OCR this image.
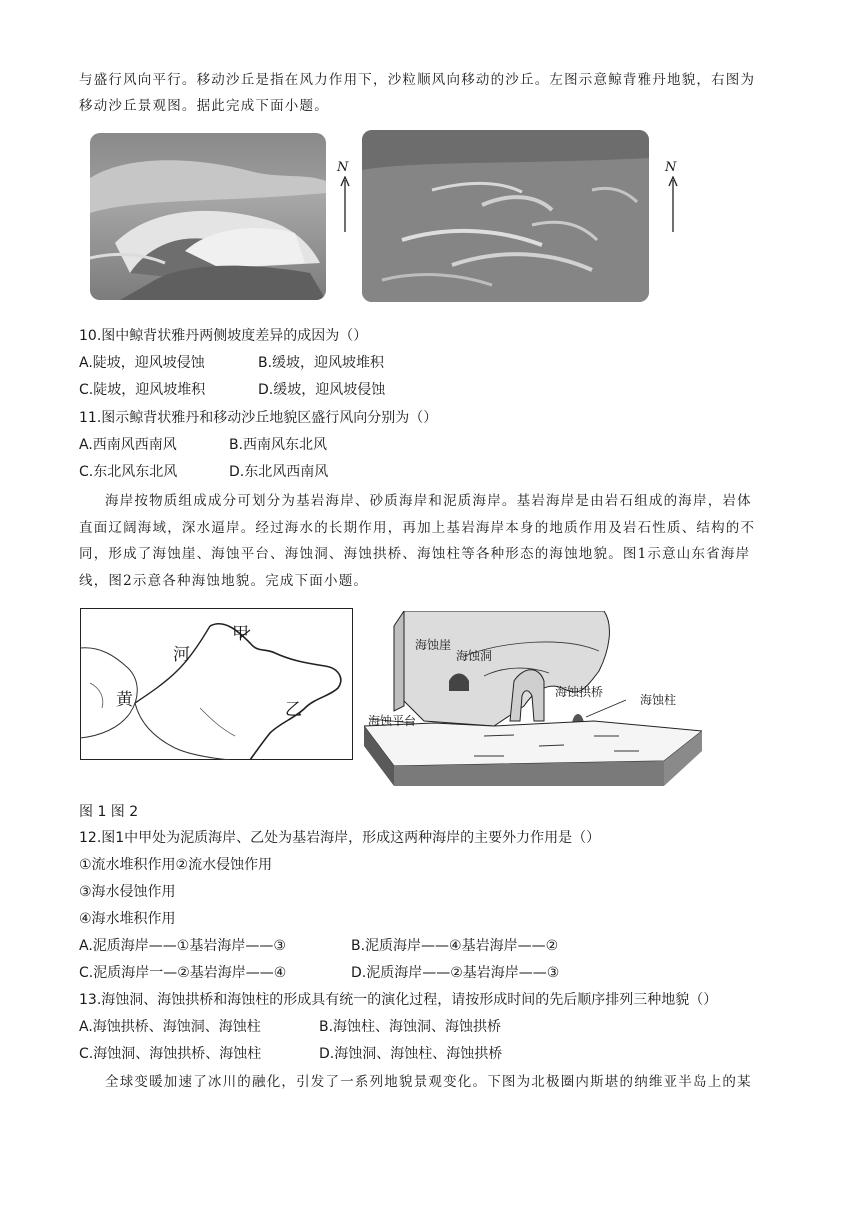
与盛行风向平行。移动沙丘是指在风力作用下，沙粒顺风向移动的沙丘。左图示意鲸背雅丹地貌，右图为
移动沙丘景观图。据此完成下面小题。
N	N
10.图中鲸背状雅丹两侧坡度差异的成因为（）
A.陡坡，迎风坡侵蚀	B.缓坡，迎风坡堆积
C.陡坡，迎风坡堆积	D.缓坡，迎风坡侵蚀
11.图示鲸背状雅丹和移动沙丘地貌区盛行风向分别为（）
A.西南风西南风	B.西南风东北风
C.东北风东北风	D.东北风西南风
海岸按物质组成成分可划分为基岩海岸、砂质海岸和泥质海岸。基岩海岸是由岩石组成的海岸，岩体
直面辽阔海域，深水逼岸。经过海水的长期作用，再加上基岩海岸本身的地质作用及岩石性质、结构的不
同，形成了海蚀崖、海蚀平台、海蚀洞、海蚀拱桥、海蚀柱等各种形态的海蚀地貌。图1示意山东省海岸
线，图2示意各种海蚀地貌。完成下面小题。
甲
河
黄	乙
海蚀崖
海蚀洞
海蚀拱桥
海蚀柱
海蚀平台
图 1 图 2
12.图1中甲处为泥质海岸、乙处为基岩海岸，形成这两种海岸的主要外力作用是（）
①流水堆积作用②流水侵蚀作用
③海水侵蚀作用
④海水堆积作用
A.泥质海岸——①基岩海岸——③	B.泥质海岸——④基岩海岸——②
C.泥质海岸一—②基岩海岸——④	D.泥质海岸——②基岩海岸——③
13.海蚀洞、海蚀拱桥和海蚀柱的形成具有统一的演化过程，请按形成时间的先后顺序排列三种地貌（）
A.海蚀拱桥、海蚀洞、海蚀柱	B.海蚀柱、海蚀洞、海蚀拱桥
C.海蚀洞、海蚀拱桥、海蚀柱	D.海蚀洞、海蚀柱、海蚀拱桥
全球变暖加速了冰川的融化，引发了一系列地貌景观变化。下图为北极圈内斯堪的纳维亚半岛上的某
